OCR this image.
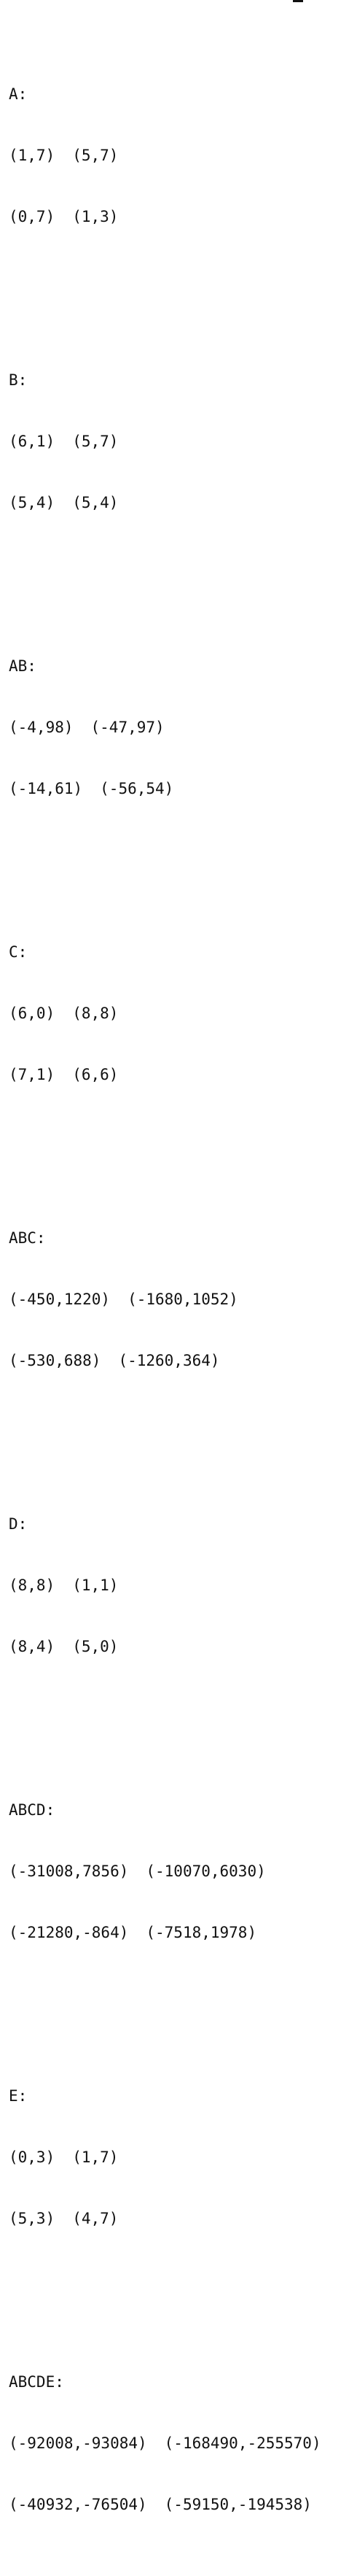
A:

(1,7) (5,7)

(0,7) (1,3)

B:

(6,1) (5,7)

(5,4) (5,4)

AB:

(-4,98) (-47,97)

(-14,61) (-56,54)

C:

(6,0) (8,8)

(7,1) (6,6)

ABC:

(-450,1220) (-1680,1052)

(-530,688) (-1260,364)

D:

(8,8) (1,1)

(8,4) (5,0)

ABCD:

(-31008,7856) (-10070,6030)

(-21280,-864) (-7518,1978)

E:

(0,3) (1,7)

(5,3) (4,7)

ABCDE:

(-92008,-93084) (-168490,-255570)

(-40932,-76504) (-59150,-194538)
